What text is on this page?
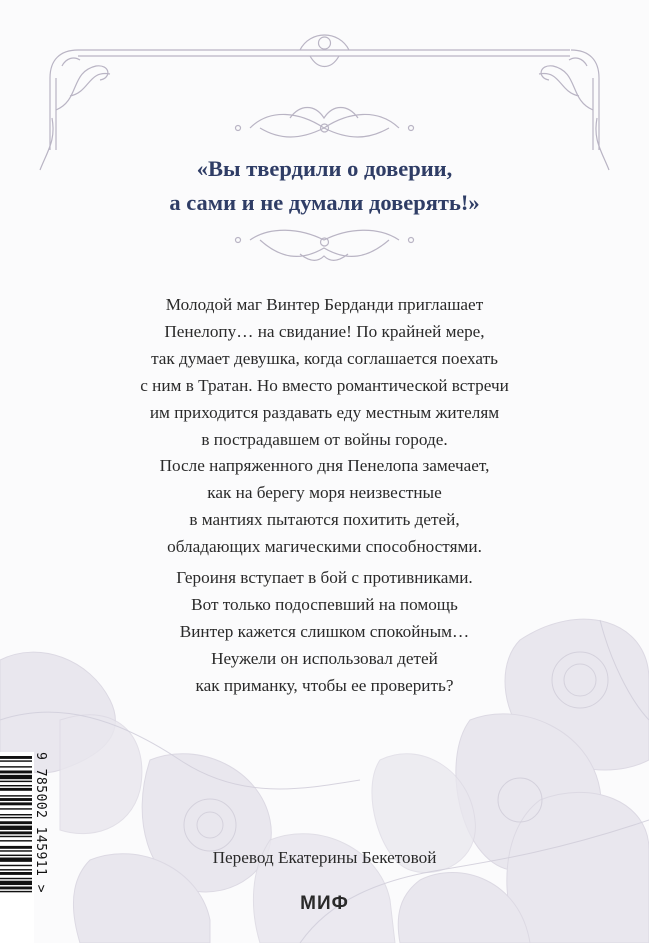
«Вы твердили о доверии,
а сами и не думали доверять!»
Молодой маг Винтер Берданди приглашает
Пенелопу… на свидание! По крайней мере,
так думает девушка, когда соглашается поехать
с ним в Тратан. Но вместо романтической встречи
им приходится раздавать еду местным жителям
в пострадавшем от войны городе.
После напряженного дня Пенелопа замечает,
как на берегу моря неизвестные
в мантиях пытаются похитить детей,
обладающих магическими способностями.
Героиня вступает в бой с противниками.
Вот только подоспевший на помощь
Винтер кажется слишком спокойным…
Неужели он использовал детей
как приманку, чтобы ее проверить?
Перевод Екатерины Бекетовой
МИФ
9 785002 145911 >
